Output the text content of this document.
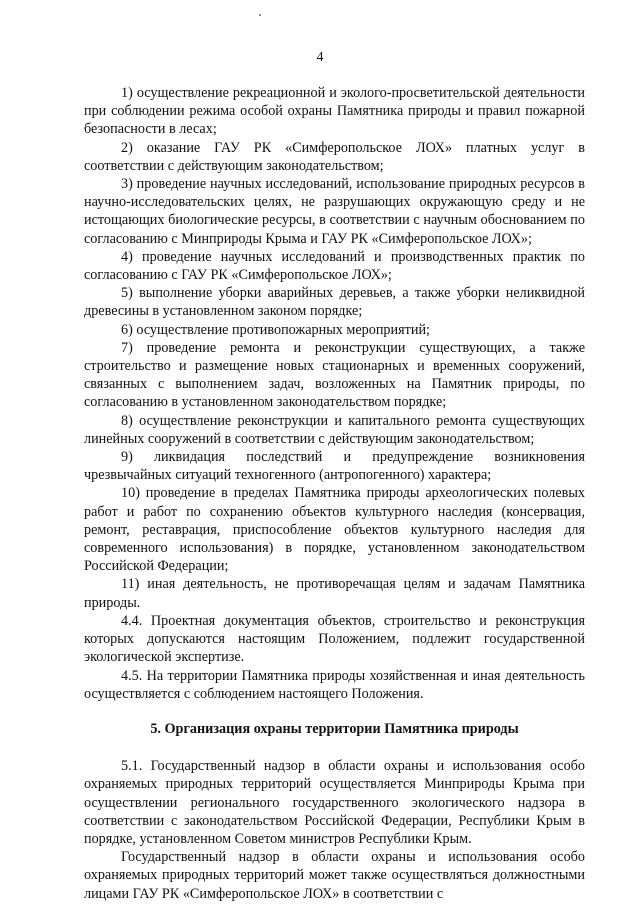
4

1) осуществление рекреационной и эколого-просветительской деятельности при соблюдении режима особой охраны Памятника природы и правил пожарной безопасности в лесах;

2) оказание ГАУ РК «Симферопольское ЛОХ» платных услуг в соответствии с действующим законодательством;

3) проведение научных исследований, использование природных ресурсов в научно-исследовательских целях, не разрушающих окружающую среду и не истощающих биологические ресурсы, в соответствии с научным обоснованием по согласованию с Минприроды Крыма и ГАУ РК «Симферопольское ЛОХ»;

4) проведение научных исследований и производственных практик по согласованию с ГАУ РК «Симферопольское ЛОХ»;

5) выполнение уборки аварийных деревьев, а также уборки неликвидной древесины в установленном законом порядке;

6) осуществление противопожарных мероприятий;

7) проведение ремонта и реконструкции существующих, а также строительство и размещение новых стационарных и временных сооружений, связанных с выполнением задач, возложенных на Памятник природы, по согласованию в установленном законодательством порядке;

8) осуществление реконструкции и капитального ремонта существующих линейных сооружений в соответствии с действующим законодательством;

9) ликвидация последствий и предупреждение возникновения чрезвычайных ситуаций техногенного (антропогенного) характера;

10) проведение в пределах Памятника природы археологических полевых работ и работ по сохранению объектов культурного наследия (консервация, ремонт, реставрация, приспособление объектов культурного наследия для современного использования) в порядке, установленном законодательством Российской Федерации;

11) иная деятельность, не противоречащая целям и задачам Памятника природы.

4.4. Проектная документация объектов, строительство и реконструкция которых допускаются настоящим Положением, подлежит государственной экологической экспертизе.

4.5. На территории Памятника природы хозяйственная и иная деятельность осуществляется с соблюдением настоящего Положения.

5. Организация охраны территории Памятника природы

5.1. Государственный надзор в области охраны и использования особо охраняемых природных территорий осуществляется Минприроды Крыма при осуществлении регионального государственного экологического надзора в соответствии с законодательством Российской Федерации, Республики Крым в порядке, установленном Советом министров Республики Крым.

Государственный надзор в области охраны и использования особо охраняемых природных территорий может также осуществляться должностными лицами ГАУ РК «Симферопольское ЛОХ» в соответствии с
